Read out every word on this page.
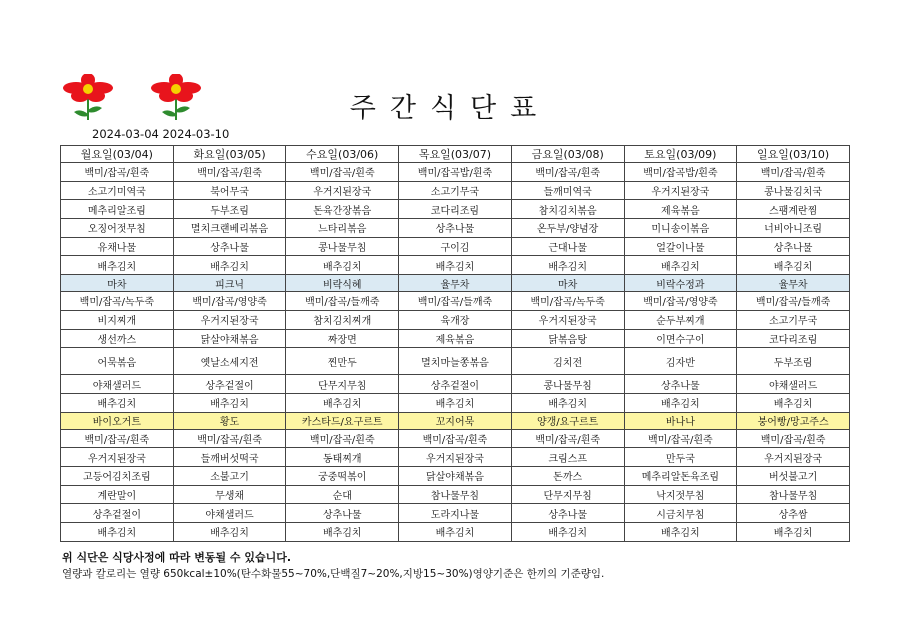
주간식단표
2024-03-04 2024-03-10
월요일(03/04)	화요일(03/05)	수요일(03/06)	목요일(03/07)	금요일(03/08)	토요일(03/09)	일요일(03/10)
백미/잡곡/흰죽	백미/잡곡/흰죽	백미/잡곡/흰죽	백미/잡곡밥/흰죽	백미/잡곡/흰죽	백미/잡곡밥/흰죽	백미/잡곡/흰죽
소고기미역국	북어무국	우거지된장국	소고기무국	들깨미역국	우거지된장국	콩나물김치국
메추리알조림	두부조림	돈육간장볶음	코다리조림	참치김치볶음	제육볶음	스팸계란찜
오징어젓무침	멸치크랜베리볶음	느타리볶음	상추나물	온두부/양념장	미니송이볶음	너비아니조림
유채나물	상추나물	콩나물무침	구이김	근대나물	얼갈이나물	상추나물
배추김치	배추김치	배추김치	배추김치	배추김치	배추김치	배추김치
마차	피크닉	비락식혜	율무차	마차	비락수정과	율무차
백미/잡곡/녹두죽	백미/잡곡/영양죽	백미/잡곡/들깨죽	백미/잡곡/들깨죽	백미/잡곡/녹두죽	백미/잡곡/영양죽	백미/잡곡/들깨죽
비지찌개	우거지된장국	참치김치찌개	육개장	우거지된장국	순두부찌개	소고기무국
생선까스	닭살야채볶음	짜장면	제육볶음	닭볶음탕	이면수구이	코다리조림
어묵볶음	옛날소세지전	찐만두	멸치마늘쫑볶음	김치전	김자반	두부조림
야채샐러드	상추겉절이	단무지무침	상추겉절이	콩나물무침	상추나물	야채샐러드
배추김치	배추김치	배추김치	배추김치	배추김치	배추김치	배추김치
바이오거트	황도	카스타드/요구르트	꼬지어묵	양갱/요구르트	바나나	붕어빵/망고주스
백미/잡곡/흰죽	백미/잡곡/흰죽	백미/잡곡/흰죽	백미/잡곡/흰죽	백미/잡곡/흰죽	백미/잡곡/흰죽	백미/잡곡/흰죽
우거지된장국	들깨버섯떡국	동태찌개	우거지된장국	크림스프	만두국	우거지된장국
고등어김치조림	소불고기	궁중떡볶이	닭살야채볶음	돈까스	메추리알돈육조림	버섯불고기
계란말이	무생채	순대	참나물무침	단무지무침	낙지젓무침	참나물무침
상추겉절이	야채샐러드	상추나물	도라지나물	상추나물	시금치무침	상추쌈
배추김치	배추김치	배추김치	배추김치	배추김치	배추김치	배추김치
위 식단은 식당사정에 따라 변동될 수 있습니다.
열량과 칼로리는 열량 650kcal±10%(탄수화물55~70%,단백질7~20%,지방15~30%)영양기준은 한끼의 기준량임.
